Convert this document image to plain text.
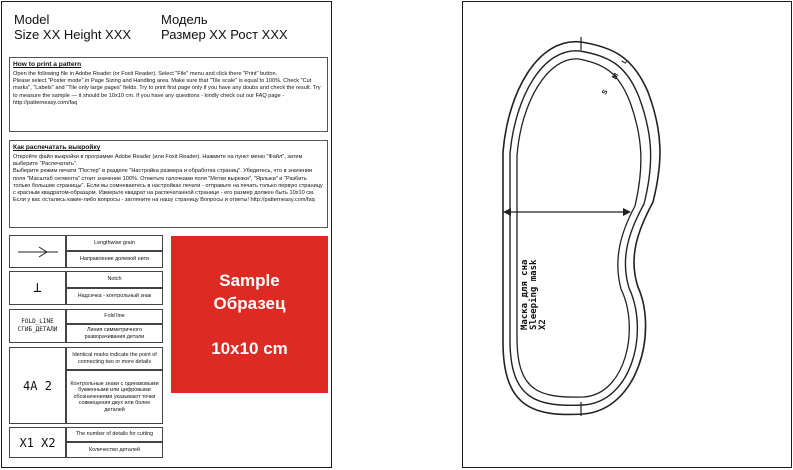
Model
Size XX Height XXX
Модель
Размер XX Рост XXX
How to print a pattern
Open the following file in Adobe Reader (or Foxit Reader). Select "File" menu and click there "Print" button.
Please select "Poster mode" in Page Sizing and Handling area. Make sure that "Tile scale" is equal to 100%. Check "Cut marks", "Labels" and "Tile only large pages" fields. Try to print first page only if you have any doubs and check the result. Try to measure the sample — it should be 10x10 cm. If you have any questions - kindly check out our FAQ page - http://patterneasy.com/faq
Как распечатать выкройку
Откройте файл выкройки в программе Adobe Reader (или Foxit Reader). Нажмите на пункт меню "Файл", затем выберите "Распечатать".
Выберите режим печати "Постер" в разделе "Настройка размера и обработка страниц". Убедитесь, что в значении поля "Масштаб сегмента" стоит значение 100%. Отметьте галочками поля "Метки вырезки", "Ярлыки" и "Разбить только большие страницы". Если вы сомневаетесь в настройках печати - отправьте на печать только первую страницу с красным квадратом-образцом. Измерьте квадрат на распечатанной странице - его размер должен быть 10х10 см. Если у вас остались какие-либо вопросы - загляните на нашу страницу Вопросы и ответы! http://patterneasy.com/faq
Lengthwise grain
Направление долевой нити
⊥
Notch
Надсечка - контрольный знак
FOLD_LINE
СГИБ_ДЕТАЛИ
Fold line
Линия симметричного разворачивания детали
4А 2
Identical marks indicate the point of connecting two or more details
Контрольные знаки с одинаковыми буквенными или цифровыми обозначениями указывают точки совмещения двух или более деталей
X1 X2
The number of details for cutting
Количество деталей
Sample
Образец
10x10 cm
Маска для сна Sleeping mask X2
S
M
L
